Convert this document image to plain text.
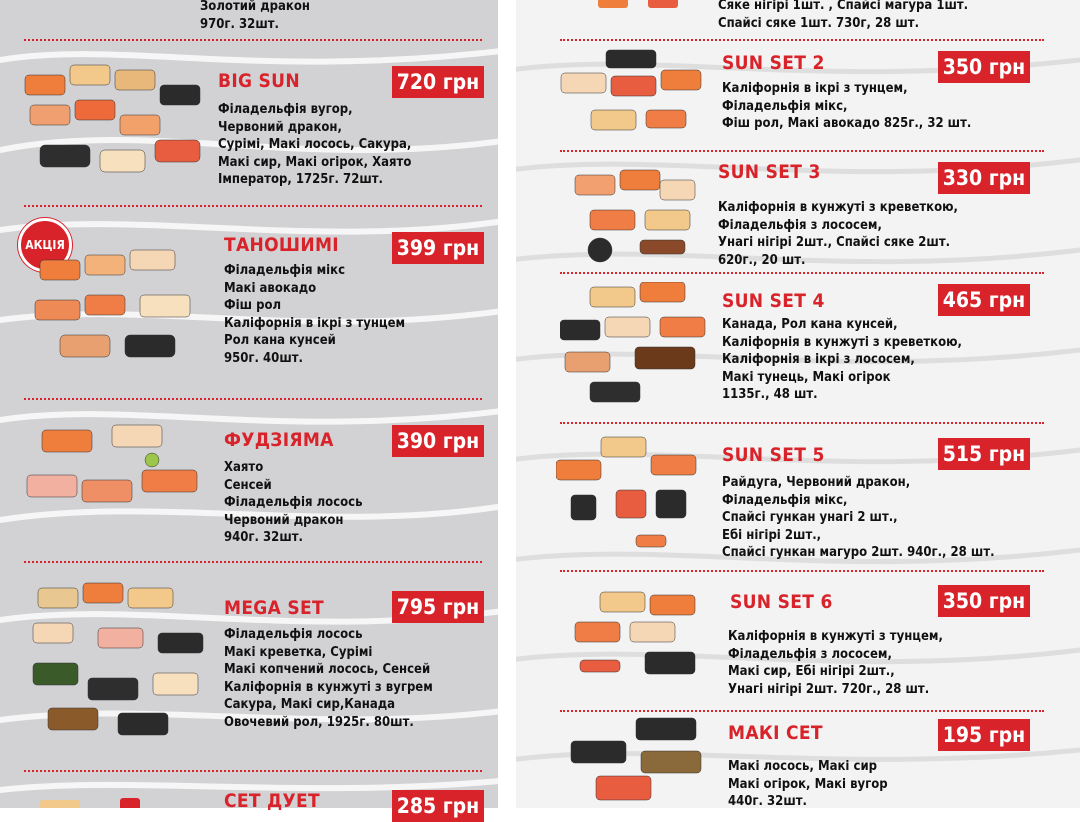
Золотий дракон
970г. 32шт.
BIG SUN	720 грн
Філадельфія вугор,
Червоний дракон,
Сурімі, Макі лосось, Сакура,
Макі сир, Макі огірок, Хаято
Імператор, 1725г. 72шт.
АКЦІЯ	ТАНОШИМІ	399 грн
Філадельфія мікс
Макі авокадо
Фіш рол
Каліфорнія в ікрі з тунцем
Рол кана кунсей
950г. 40шт.
ФУДЗІЯМА	390 грн
Хаято
Сенсей
Філадельфія лосось
Червоний дракон
940г. 32шт.
MEGA SET	795 грн
Філадельфія лосось
Макі креветка, Сурімі
Макі копчений лосось, Сенсей
Каліфорнія в кунжуті з вугрем
Сакура, Макі сир,Канада
Овочевий рол, 1925г. 80шт.
СЕТ ДУЕТ	285 грн
Сяке нігірі 1шт. , Спайсі магура 1шт.
Спайсі сяке 1шт. 730г, 28 шт.
SUN SET 2	350 грн
Каліфорнія в ікрі з тунцем,
Філадельфія мікс,
Фіш рол, Макі авокадо 825г., 32 шт.
SUN SET 3	330 грн
Каліфорнія в кунжуті з креветкою,
Філадельфія з лососем,
Унагі нігірі 2шт., Спайсі сяке 2шт.
620г., 20 шт.
SUN SET 4	465 грн
Канада, Рол кана кунсей,
Каліфорнія в кунжуті з креветкою,
Каліфорнія в ікрі з лососем,
Макі тунець, Макі огірок
1135г., 48 шт.
SUN SET 5	515 грн
Райдуга, Червоний дракон,
Філадельфія мікс,
Спайсі гункан унагі 2 шт.,
Ебі нігірі 2шт.,
Спайсі гункан магуро 2шт. 940г., 28 шт.
SUN SET 6	350 грн
Каліфорнія в кунжуті з тунцем,
Філадельфія з лососем,
Макі сир, Ебі нігірі 2шт.,
Унагі нігірі 2шт. 720г., 28 шт.
МАКІ СЕТ	195 грн
Макі лосось, Макі сир
Макі огірок, Макі вугор
440г. 32шт.
